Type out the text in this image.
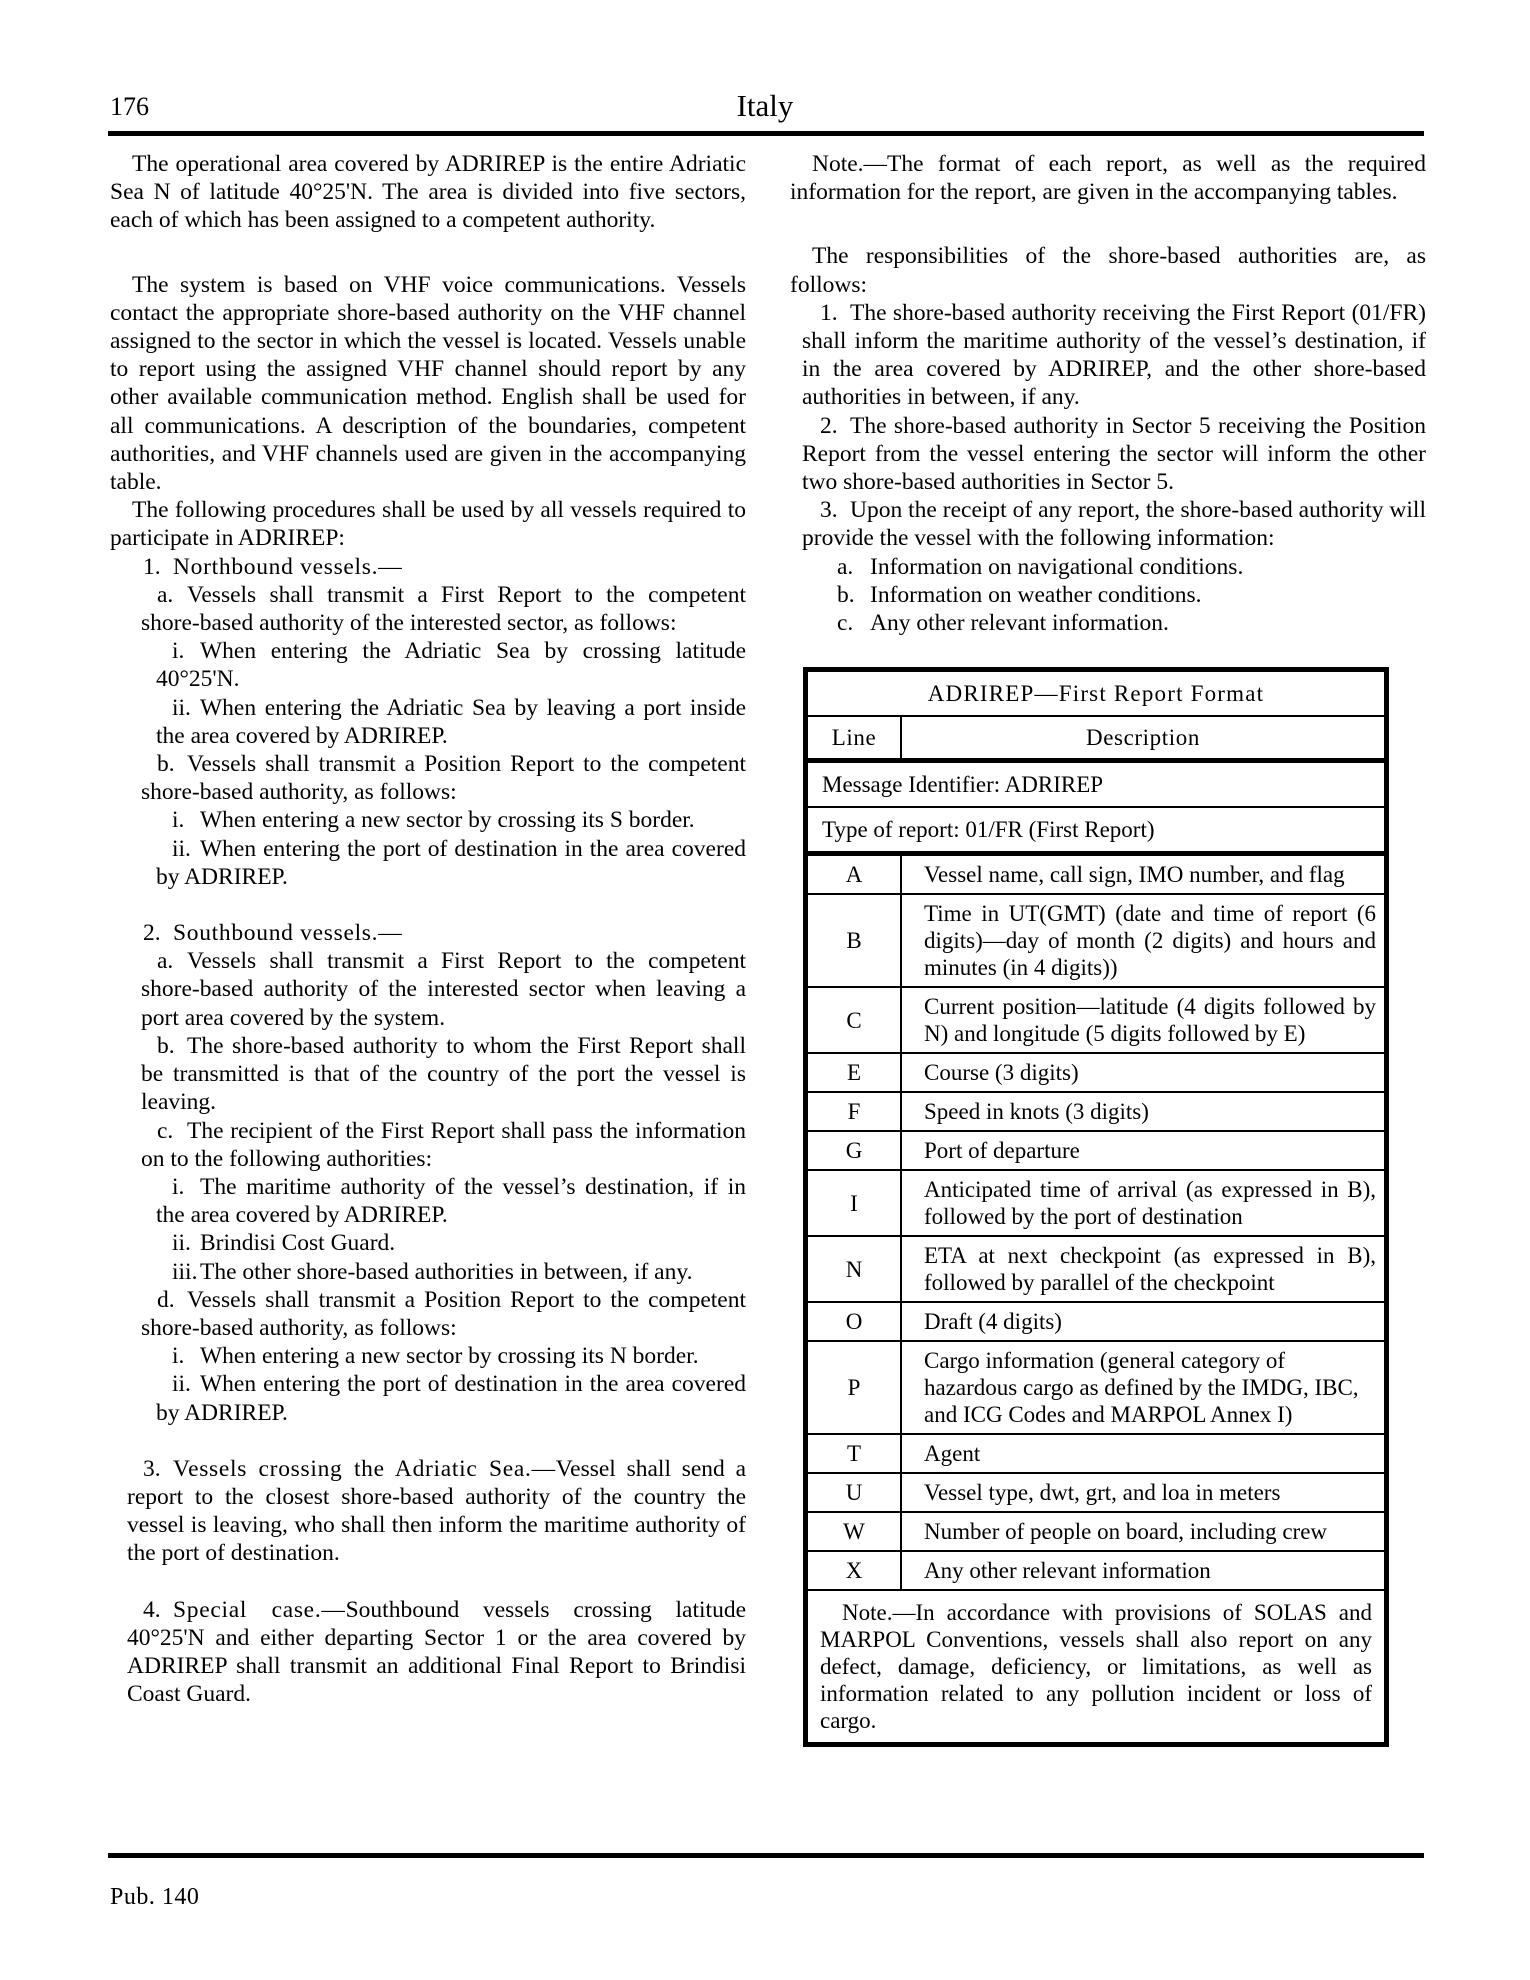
176	Italy

The operational area covered by ADRIREP is the entire Adriatic Sea N of latitude 40°25'N. The area is divided into five sectors, each of which has been assigned to a competent authority.

The system is based on VHF voice communications. Vessels contact the appropriate shore-based authority on the VHF channel assigned to the sector in which the vessel is located. Vessels unable to report using the assigned VHF channel should report by any other available communication method. English shall be used for all communications. A description of the boundaries, competent authorities, and VHF channels used are given in the accompanying table.

The following procedures shall be used by all vessels required to participate in ADRIREP:

1. Northbound vessels.—
a. Vessels shall transmit a First Report to the competent shore-based authority of the interested sector, as follows:
i. When entering the Adriatic Sea by crossing latitude 40°25'N.
ii. When entering the Adriatic Sea by leaving a port inside the area covered by ADRIREP.
b. Vessels shall transmit a Position Report to the competent shore-based authority, as follows:
i. When entering a new sector by crossing its S border.
ii. When entering the port of destination in the area covered by ADRIREP.
2. Southbound vessels.—
a. Vessels shall transmit a First Report to the competent shore-based authority of the interested sector when leaving a port area covered by the system.
b. The shore-based authority to whom the First Report shall be transmitted is that of the country of the port the vessel is leaving.
c. The recipient of the First Report shall pass the information on to the following authorities:
i. The maritime authority of the vessel’s destination, if in the area covered by ADRIREP.
ii. Brindisi Cost Guard.
iii. The other shore-based authorities in between, if any.
d. Vessels shall transmit a Position Report to the competent shore-based authority, as follows:
i. When entering a new sector by crossing its N border.
ii. When entering the port of destination in the area covered by ADRIREP.
3. Vessels crossing the Adriatic Sea.—Vessel shall send a report to the closest shore-based authority of the country the vessel is leaving, who shall then inform the maritime authority of the port of destination.
4. Special case.—Southbound vessels crossing latitude 40°25'N and either departing Sector 1 or the area covered by ADRIREP shall transmit an additional Final Report to Brindisi Coast Guard.

Note.—The format of each report, as well as the required information for the report, are given in the accompanying tables.

The responsibilities of the shore-based authorities are, as follows:

1. The shore-based authority receiving the First Report (01/FR) shall inform the maritime authority of the vessel’s destination, if in the area covered by ADRIREP, and the other shore-based authorities in between, if any.
2. The shore-based authority in Sector 5 receiving the Position Report from the vessel entering the sector will inform the other two shore-based authorities in Sector 5.
3. Upon the receipt of any report, the shore-based authority will provide the vessel with the following information:
a. Information on navigational conditions.
b. Information on weather conditions.
c. Any other relevant information.
ADRIREP—First Report Format	
Line	Description
Message Identifier: ADRIREP	
Type of report: 01/FR (First Report)	
A	Vessel name, call sign, IMO number, and flag
B	Time in UT(GMT) (date and time of report (6 digits)—day of month (2 digits) and hours and minutes (in 4 digits))
C	Current position—latitude (4 digits followed by N) and longitude (5 digits followed by E)
E	Course (3 digits)
F	Speed in knots (3 digits)
G	Port of departure
I	Anticipated time of arrival (as expressed in B), followed by the port of destination
N	ETA at next checkpoint (as expressed in B), followed by parallel of the checkpoint
O	Draft (4 digits)
P	Cargo information (general category of hazardous cargo as defined by the IMDG, IBC, and ICG Codes and MARPOL Annex I)
T	Agent
U	Vessel type, dwt, grt, and loa in meters
W	Number of people on board, including crew
X	Any other relevant information
Note.—In accordance with provisions of SOLAS and MARPOL Conventions, vessels shall also report on any defect, damage, deficiency, or limitations, as well as information related to any pollution incident or loss of cargo.	
Pub. 140
